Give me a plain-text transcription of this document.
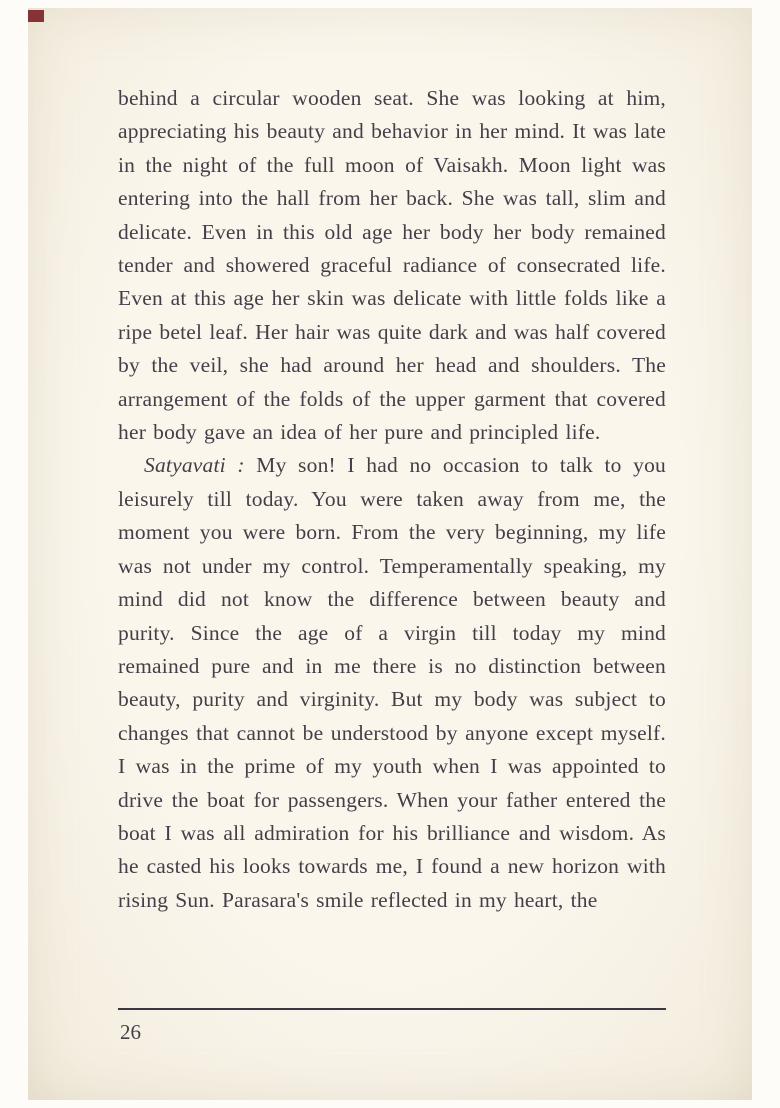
behind a circular wooden seat. She was looking at him, appreciating his beauty and behavior in her mind. It was late in the night of the full moon of Vaisakh. Moon light was entering into the hall from her back. She was tall, slim and delicate. Even in this old age her body her body remained tender and showered graceful radiance of consecrated life. Even at this age her skin was delicate with little folds like a ripe betel leaf. Her hair was quite dark and was half covered by the veil, she had around her head and shoulders. The arrangement of the folds of the upper garment that covered her body gave an idea of her pure and principled life.

Satyavati : My son! I had no occasion to talk to you leisurely till today. You were taken away from me, the moment you were born. From the very beginning, my life was not under my control. Temperamentally speaking, my mind did not know the difference between beauty and purity. Since the age of a virgin till today my mind remained pure and in me there is no distinction between beauty, purity and virginity. But my body was subject to changes that cannot be understood by anyone except myself. I was in the prime of my youth when I was appointed to drive the boat for passengers. When your father entered the boat I was all admiration for his brilliance and wisdom. As he casted his looks towards me, I found a new horizon with rising Sun. Parasara's smile reflected in my heart, the

26
